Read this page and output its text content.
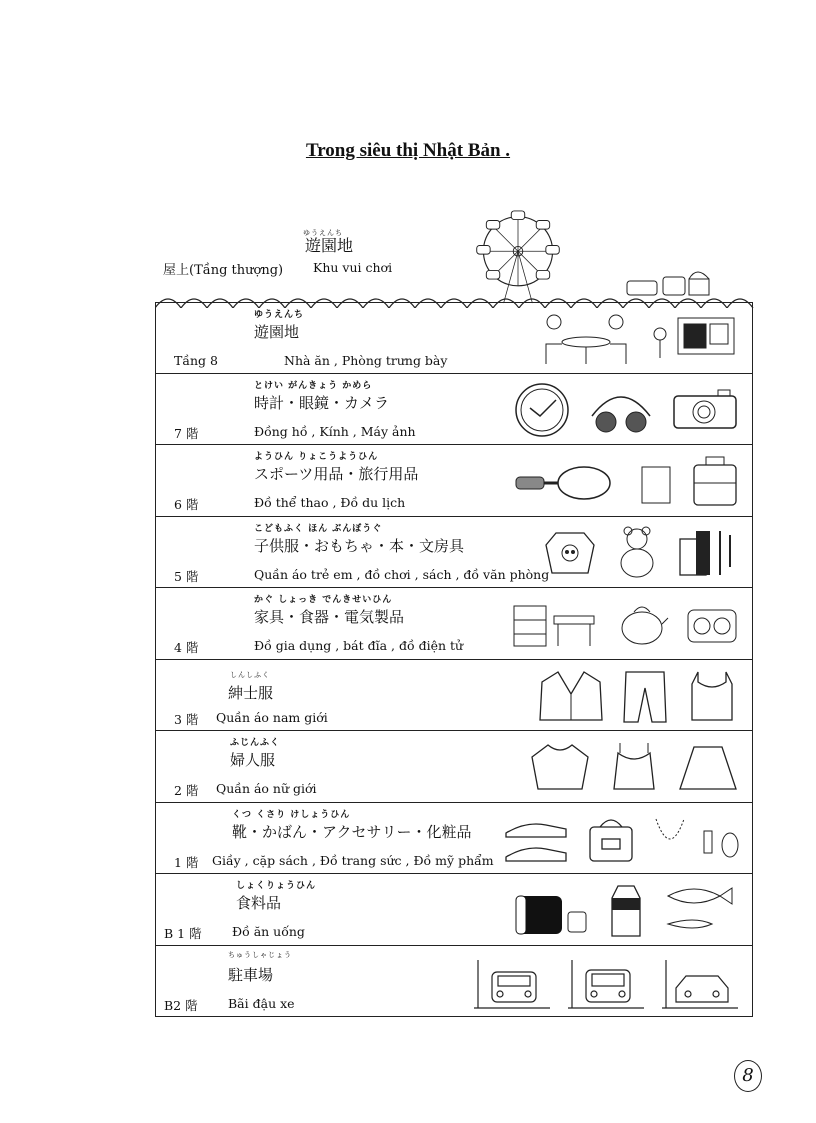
Trong siêu thị Nhật Bản .
ゆうえんち
遊園地
屋上(Tầng thượng) Khu vui chơi
ゆうえんち
遊園地
Tầng 8	Nhà ăn , Phòng trưng bày
とけい がんきょう かめら
時計・眼鏡・カメラ
7 階	Đồng hồ , Kính , Máy ảnh
ようひん りょこうようひん
スポーツ用品・旅行用品
6 階	Đồ thể thao , Đồ du lịch
こどもふく ほん ぶんぼうぐ
子供服・おもちゃ・本・文房具
5 階	Quần áo trẻ em , đồ chơi , sách , đồ văn phòng
かぐ しょっき でんきせいひん
家具・食器・電気製品
4 階	Đồ gia dụng , bát đĩa , đồ điện tử
紳士服
しんしふく
3 階 Quần áo nam giới
ふじんふく
婦人服
2 階 Quần áo nữ giới
くつ くさり けしょうひん
靴・かばん・アクセサリー・化粧品
1 階 Giầy , cặp sách , Đồ trang sức , Đồ mỹ phẩm
しょくりょうひん
食料品
B 1 階 Đồ ăn uống
ちゅうしゃじょう
駐車場
B2 階 Bãi đậu xe
8
